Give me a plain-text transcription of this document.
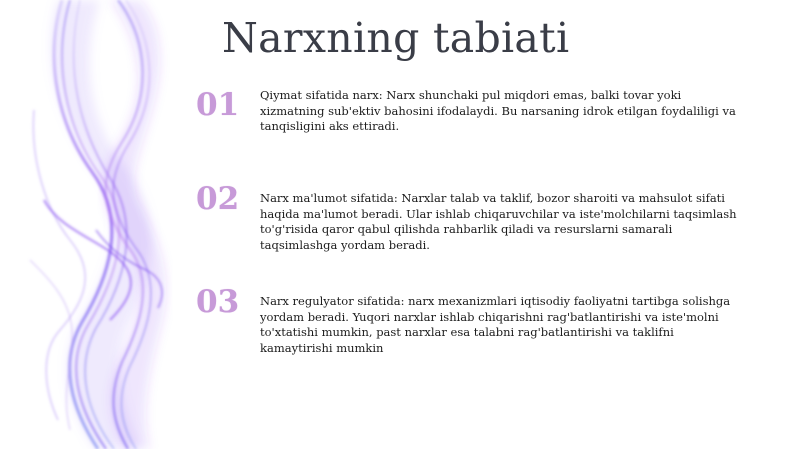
Narxning tabiati
01	Qiymat sifatida narx: Narx shunchaki pul miqdori emas, balki tovar yoki xizmatning sub'ektiv bahosini ifodalaydi. Bu narsaning idrok etilgan foydaliligi va tanqisligini aks ettiradi.

02	Narx ma'lumot sifatida: Narxlar talab va taklif, bozor sharoiti va mahsulot sifati haqida ma'lumot beradi. Ular ishlab chiqaruvchilar va iste'molchilarni taqsimlash to'g'risida qaror qabul qilishda rahbarlik qiladi va resurslarni samarali taqsimlashga yordam beradi.

03	Narx regulyator sifatida: narx mexanizmlari iqtisodiy faoliyatni tartibga solishga yordam beradi. Yuqori narxlar ishlab chiqarishni rag'batlantirishi va iste'molni to'xtatishi mumkin, past narxlar esa talabni rag'batlantirishi va taklifni kamaytirishi mumkin
